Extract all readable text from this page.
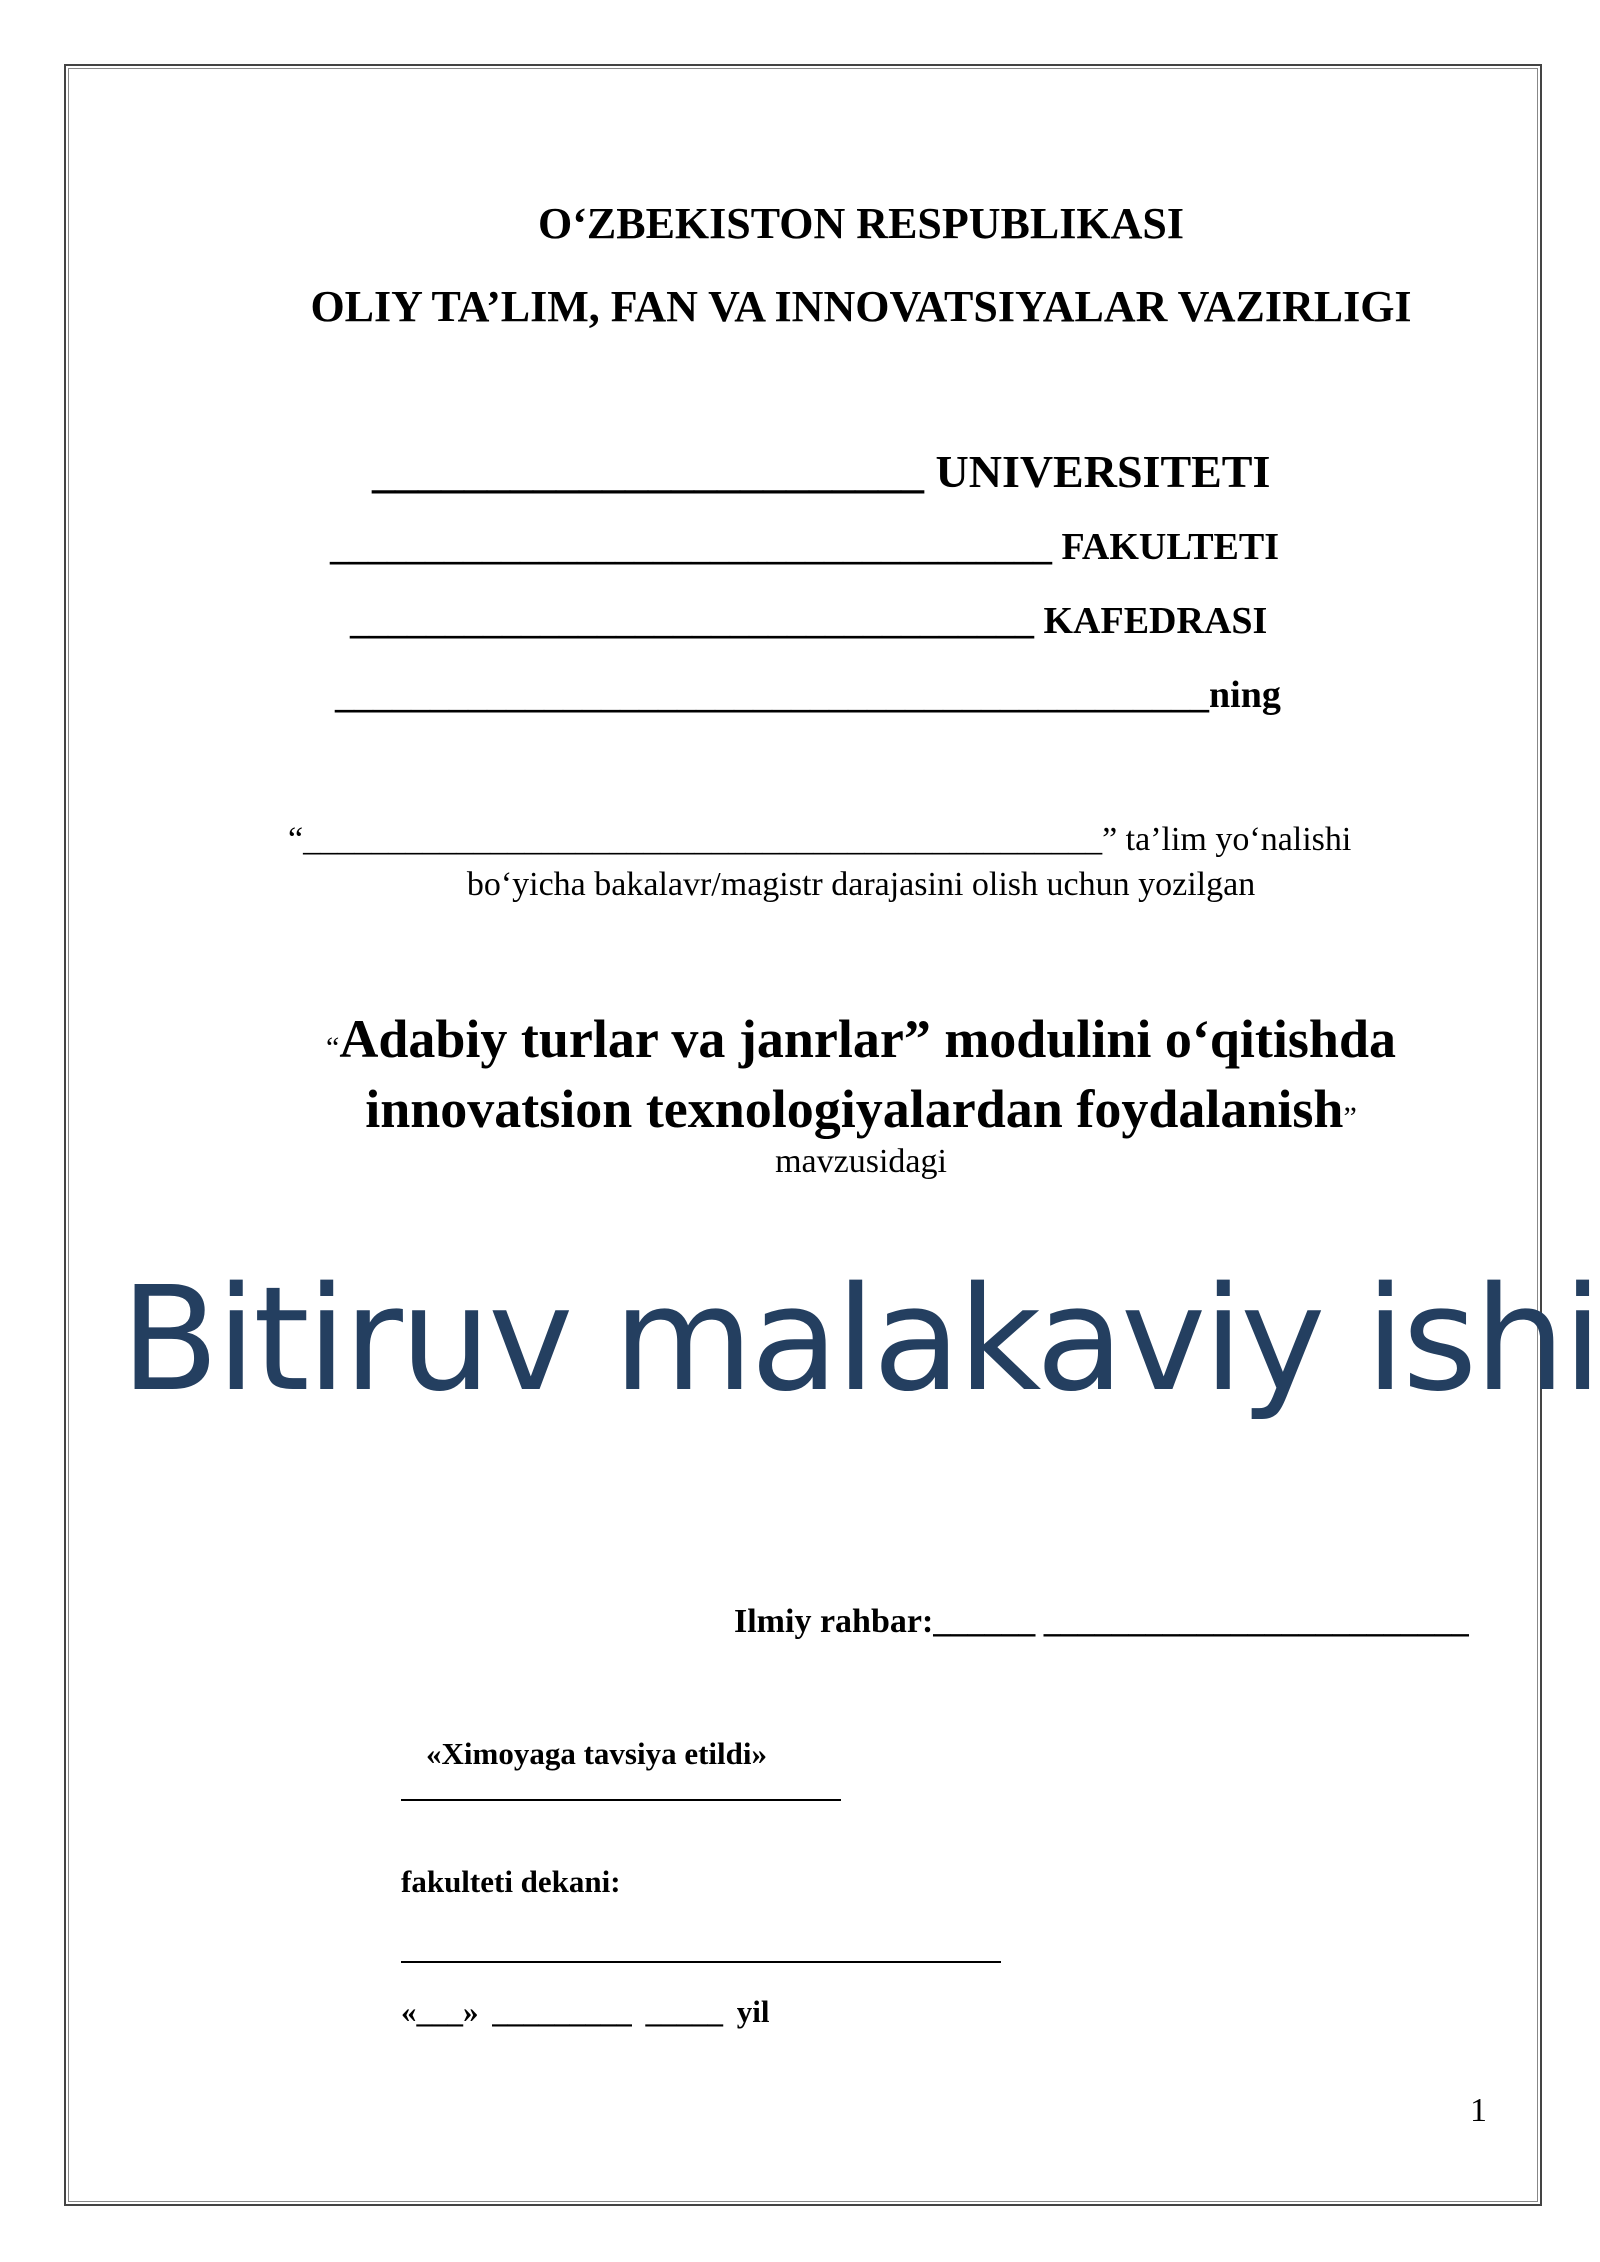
O‘ZBEKISTON RESPUBLIKASI
OLIY TA’LIM, FAN VA INNOVATSIYALAR VAZIRLIGI
________________________ UNIVERSITETI
______________________________________ FAKULTETI
____________________________________ KAFEDRASI
______________________________________________ning
“_______________________________________________” ta’lim yo‘nalishi
bo‘yicha bakalavr/magistr darajasini olish uchun yozilgan
“Adabiy turlar va janrlar” modulini o‘qitishda
innovatsion texnologiyalardan foydalanish”
mavzusidagi
Bitiruv malakaviy ishi
Ilmiy rahbar:______ _________________________
«Ximoyaga tavsiya etildi»
fakulteti dekani:
«___» _________ _____ yil
1
